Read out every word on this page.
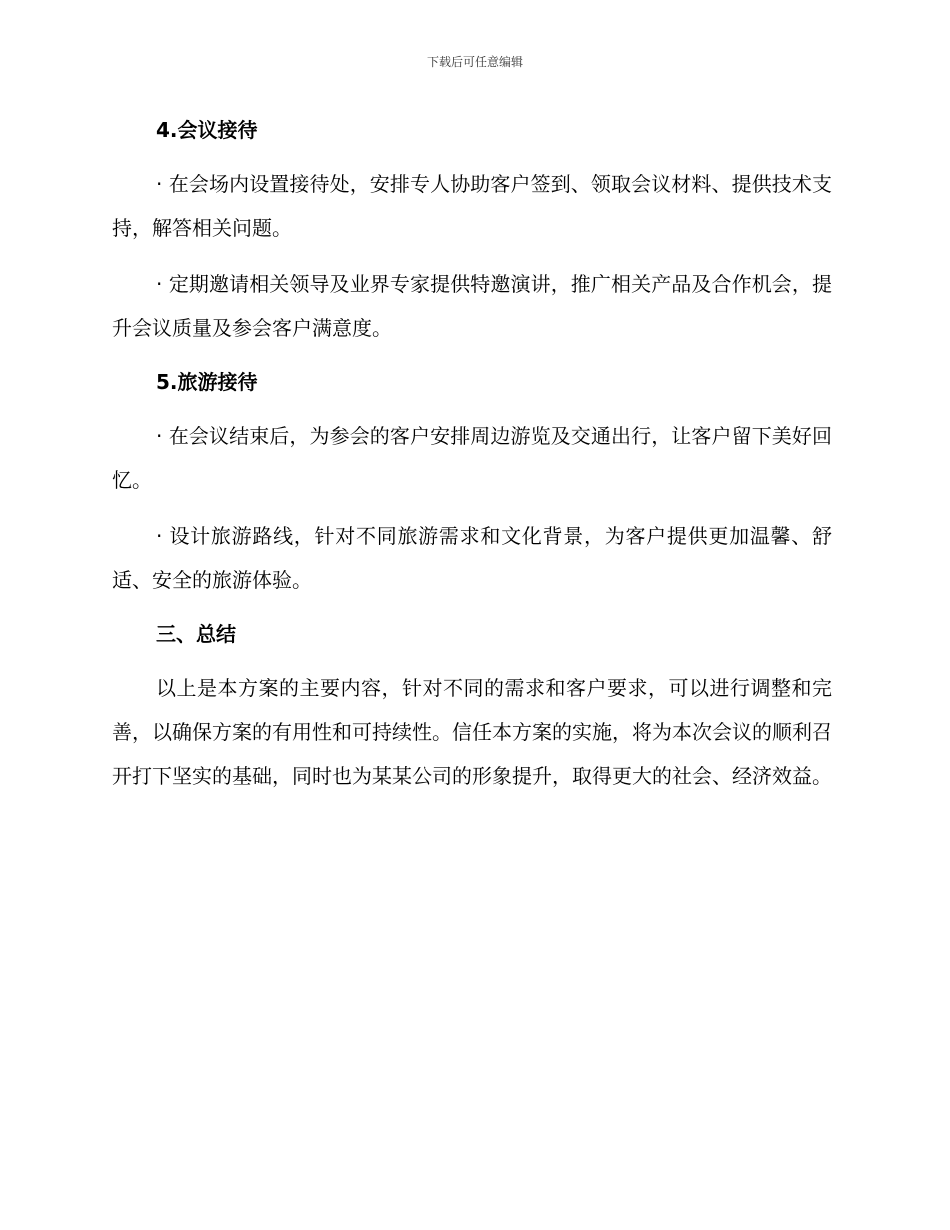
下载后可任意编辑
4.会议接待

· 在会场内设置接待处，安排专人协助客户签到、领取会议材料、提供技术支持，解答相关问题。

· 定期邀请相关领导及业界专家提供特邀演讲，推广相关产品及合作机会，提升会议质量及参会客户满意度。

5.旅游接待

· 在会议结束后，为参会的客户安排周边游览及交通出行，让客户留下美好回忆。

· 设计旅游路线，针对不同旅游需求和文化背景，为客户提供更加温馨、舒适、安全的旅游体验。

三、总结

以上是本方案的主要内容，针对不同的需求和客户要求，可以进行调整和完善，以确保方案的有用性和可持续性。信任本方案的实施，将为本次会议的顺利召开打下坚实的基础，同时也为某某公司的形象提升，取得更大的社会、经济效益。
